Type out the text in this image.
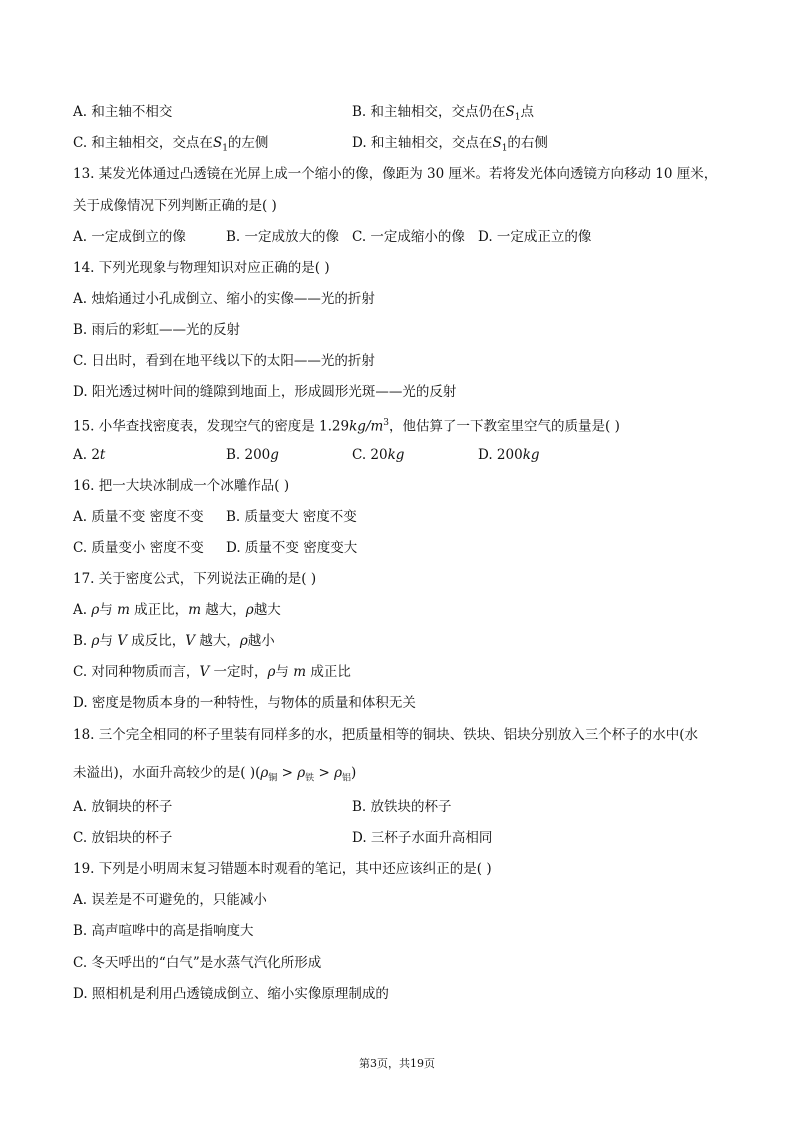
A. 和主轴不相交	B. 和主轴相交，交点仍在$S_1$点
C. 和主轴相交，交点在$S_1$的左侧	D. 和主轴相交，交点在$S_1$的右侧
13. 某发光体通过凸透镜在光屏上成一个缩小的像，像距为 30 厘米。若将发光体向透镜方向移动 10 厘米，
关于成像情况下列判断正确的是( )
A. 一定成倒立的像	B. 一定成放大的像 C. 一定成缩小的像 D. 一定成正立的像
14. 下列光现象与物理知识对应正确的是( )
A. 烛焰通过小孔成倒立、缩小的实像——光的折射
B. 雨后的彩虹——光的反射
C. 日出时，看到在地平线以下的太阳——光的折射
D. 阳光透过树叶间的缝隙到地面上，形成圆形光斑——光的反射
15. 小华查找密度表，发现空气的密度是 $1.29kg/m^3$，他估算了一下教室里空气的质量是( )
A. 2t	B. 200g	C. 20kg	D. 200kg
16. 把一大块冰制成一个冰雕作品( )
A. 质量不变 密度不变 B. 质量变大 密度不变
C. 质量变小 密度不变 D. 质量不变 密度变大
17. 关于密度公式，下列说法正确的是( )
A. ρ与 m 成正比，m 越大，ρ越大
B. ρ与 V 成反比，V 越大，ρ越小
C. 对同种物质而言，V 一定时，ρ与 m 成正比
D. 密度是物质本身的一种特性，与物体的质量和体积无关
18. 三个完全相同的杯子里装有同样多的水，把质量相等的铜块、铁块、铝块分别放入三个杯子的水中(水
未溢出)，水面升高较少的是( )$(\rho_铜 > \rho_铁 > \rho_铝)$
A. 放铜块的杯子	B. 放铁块的杯子
C. 放铝块的杯子	D. 三杯子水面升高相同
19. 下列是小明周末复习错题本时观看的笔记，其中还应该纠正的是( )
A. 误差是不可避免的，只能减小
B. 高声喧哗中的高是指响度大
C. 冬天呼出的“白气”是水蒸气汽化所形成
D. 照相机是利用凸透镜成倒立、缩小实像原理制成的
第3页，共19页
